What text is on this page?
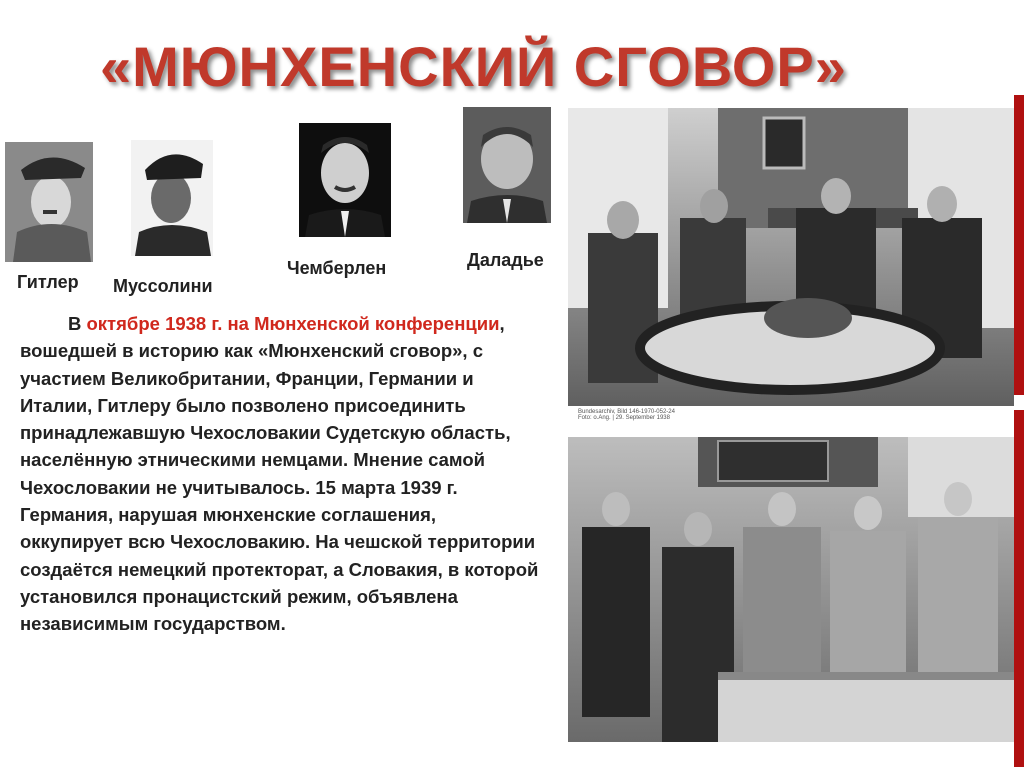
«МЮНХЕНСКИЙ СГОВОР»
Гитлер Муссолини
Чемберлен	Даладье
В октябре 1938 г. на Мюнхенской конференции, вошедшей в историю как «Мюнхенский сговор», с участием Великобритании, Франции, Германии и Италии, Гитлеру было позволено присоединить принадлежавшую Чехословакии Судетскую область, населённую этническими немцами. Мнение самой Чехословакии не учитывалось. 15 марта 1939 г. Германия, нарушая мюнхенские соглашения, оккупирует всю Чехословакию. На чешской территории создаётся немецкий протекторат, а Словакия, в которой установился пронацистский режим, объявлена независимым государством.
Bundesarchiv, Bild 146-1970-052-24
Foto: o.Ang. | 29. September 1938
